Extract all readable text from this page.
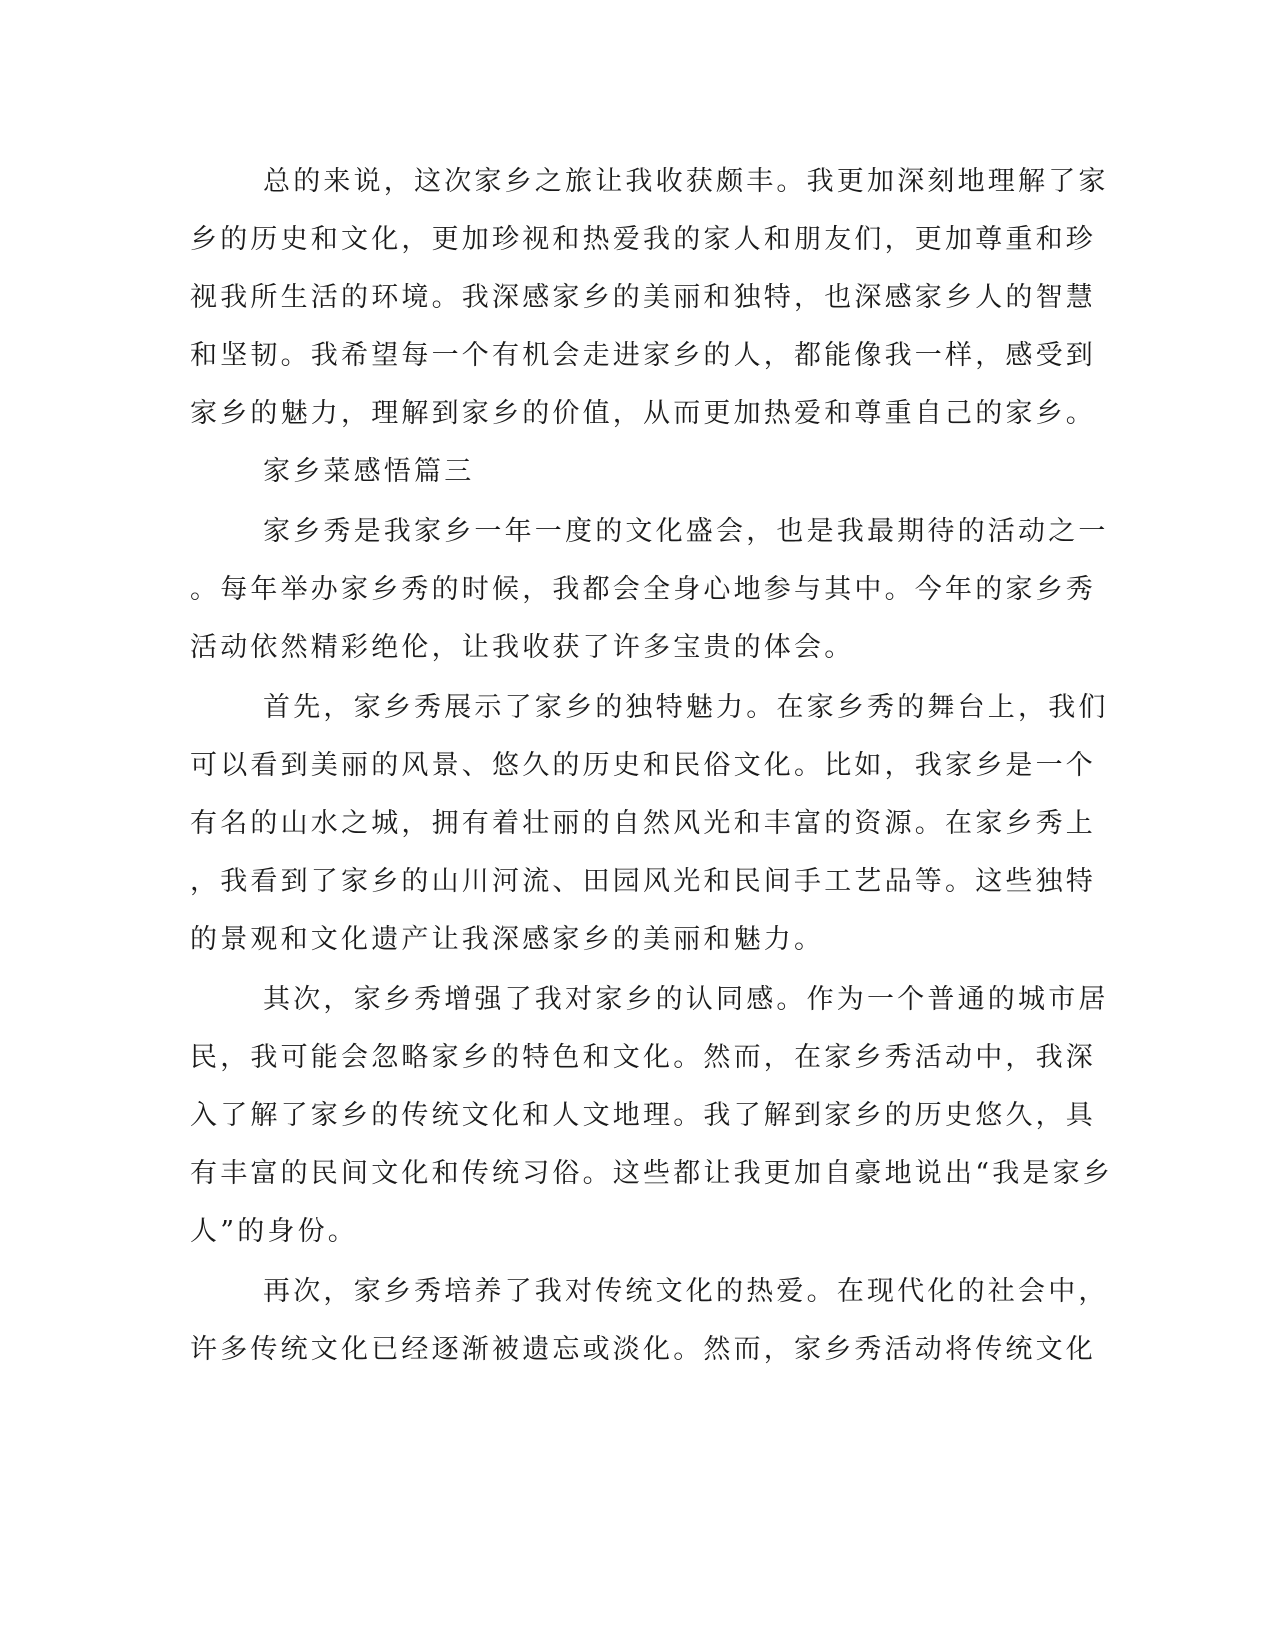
总的来说，这次家乡之旅让我收获颇丰。我更加深刻地理解了家
乡的历史和文化，更加珍视和热爱我的家人和朋友们，更加尊重和珍
视我所生活的环境。我深感家乡的美丽和独特，也深感家乡人的智慧
和坚韧。我希望每一个有机会走进家乡的人，都能像我一样，感受到
家乡的魅力，理解到家乡的价值，从而更加热爱和尊重自己的家乡。
家乡菜感悟篇三
家乡秀是我家乡一年一度的文化盛会，也是我最期待的活动之一
。每年举办家乡秀的时候，我都会全身心地参与其中。今年的家乡秀
活动依然精彩绝伦，让我收获了许多宝贵的体会。
首先，家乡秀展示了家乡的独特魅力。在家乡秀的舞台上，我们
可以看到美丽的风景、悠久的历史和民俗文化。比如，我家乡是一个
有名的山水之城，拥有着壮丽的自然风光和丰富的资源。在家乡秀上
，我看到了家乡的山川河流、田园风光和民间手工艺品等。这些独特
的景观和文化遗产让我深感家乡的美丽和魅力。
其次，家乡秀增强了我对家乡的认同感。作为一个普通的城市居
民，我可能会忽略家乡的特色和文化。然而，在家乡秀活动中，我深
入了解了家乡的传统文化和人文地理。我了解到家乡的历史悠久，具
有丰富的民间文化和传统习俗。这些都让我更加自豪地说出“我是家乡
人”的身份。
再次，家乡秀培养了我对传统文化的热爱。在现代化的社会中，
许多传统文化已经逐渐被遗忘或淡化。然而，家乡秀活动将传统文化
